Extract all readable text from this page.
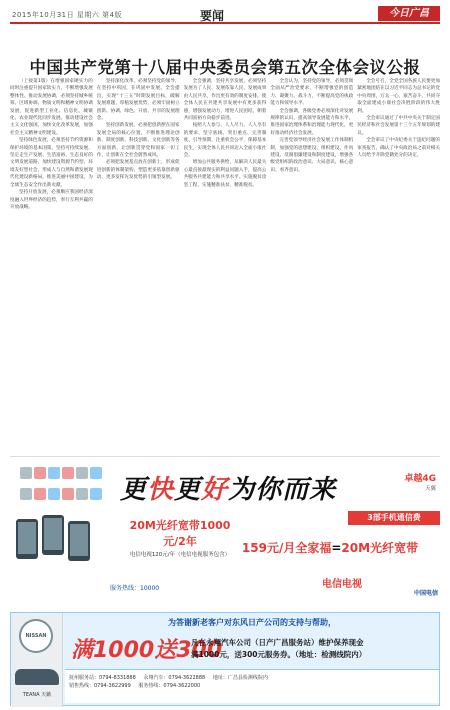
2015年10月31日 星期六 第4版	要闻	今日广昌
中国共产党第十八届中央委员会第五次全体会议公报

（上接第1版）在增强国家硬实力的同时注重提升国家软实力，不断增强发展整体性。推动发展协调，必须坚持城乡统筹、区域协调、物质文明和精神文明协调发展，促进新型工业化、信息化、城镇化、农业现代化同步发展。推动建设社会主义文化强国，加快文化改革发展，加强社会主义精神文明建设。

坚持绿色发展，必须坚持节约资源和保护环境的基本国策，坚持可持续发展，坚定走生产发展、生活富裕、生态良好的文明发展道路，加快建设资源节约型、环境友好型社会，形成人与自然和谐发展现代化建设新格局，推进美丽中国建设，为全球生态安全作出新贡献。

坚持开放发展，必须顺应我国经济深度融入世界经济的趋势，奉行互利共赢的开放战略。

坚持深化改革，必须坚持党的领导，在坚持中巩固，在巩固中发展。全会提出，实现“十三五”时期发展目标，破解发展难题，厚植发展优势，必须牢固树立创新、协调、绿色、开放、共享的发展理念。

坚持创新发展，必须把创新摆在国家发展全局的核心位置，不断推进理论创新、制度创新、科技创新、文化创新等各方面创新，让创新贯穿党和国家一切工作，让创新在全社会蔚然成风。

必须把发展基点放在创新上，形成促进创新的体制架构，塑造更多依靠创新驱动、更多发挥先发优势的引领型发展。

全会强调，坚持共享发展，必须坚持发展为了人民、发展依靠人民、发展成果由人民共享，作出更有效的制度安排，使全体人民在共建共享发展中有更多获得感，增强发展动力，增进人民团结，朝着共同富裕方向稳步前进。

按照人人参与、人人尽力、人人享有的要求，坚守底线、突出重点、完善制度、引导预期，注重机会公平，保障基本民生，实现全体人民共同迈入全面小康社会。

增加公共服务供给，从解决人民最关心最直接最现实的利益问题入手，提高公共服务共建能力和共享水平。实施脱贫攻坚工程，实施精准扶贫、精准脱贫。

全会认为，坚持党的领导，必须贯彻全面从严治党要求，不断增强党的创造力、凝聚力、战斗力，不断提高党的执政能力和领导水平。

全会强调，各级党委必须深化对发展规律的认识，提高领导发展能力和水平，推进国家治理体系和治理能力现代化，更好推动经济社会发展。

完善党领导经济社会发展工作体制机制，加强党的思想建设、组织建设、作风建设、反腐倡廉建设和制度建设，增强各级党组织的政治意识、大局意识、核心意识、看齐意识。

全会号召，全党全国各族人民要更加紧密地团结在以习近平同志为总书记的党中央周围，万众一心，艰苦奋斗，共同夺取全面建成小康社会决胜阶段的伟大胜利。

全会审议通过了中共中央关于制定国民经济和社会发展第十三个五年规划的建议。

全会审议了中央纪委关于违纪问题的审查报告，确认了中央政治局之前对相关人员给予开除党籍处分的决定。

更快更好为你而来	卓越4G
天翼
20M光纤宽带1000元/2年
电信电视120元/年（电信电视服务包含）
3部手机通信费
159元/月全家福=20M光纤宽带
电信电视
服务热线：10000
中国电信
NISSAN
TEANA 天籁
为答谢新老客户对东风日产公司的支持与帮助，
满1000送300
凡在永翔汽车公司（日产广昌服务站）维护保养现金
满1000元，送300元服务券。（地址：检测线院内）
抚州服务站：0794-8331888 永翔汽车：0794-3622888 地址：广昌县检测线院内
销售热线：0794-3622999 服务热线：0794-3622000
